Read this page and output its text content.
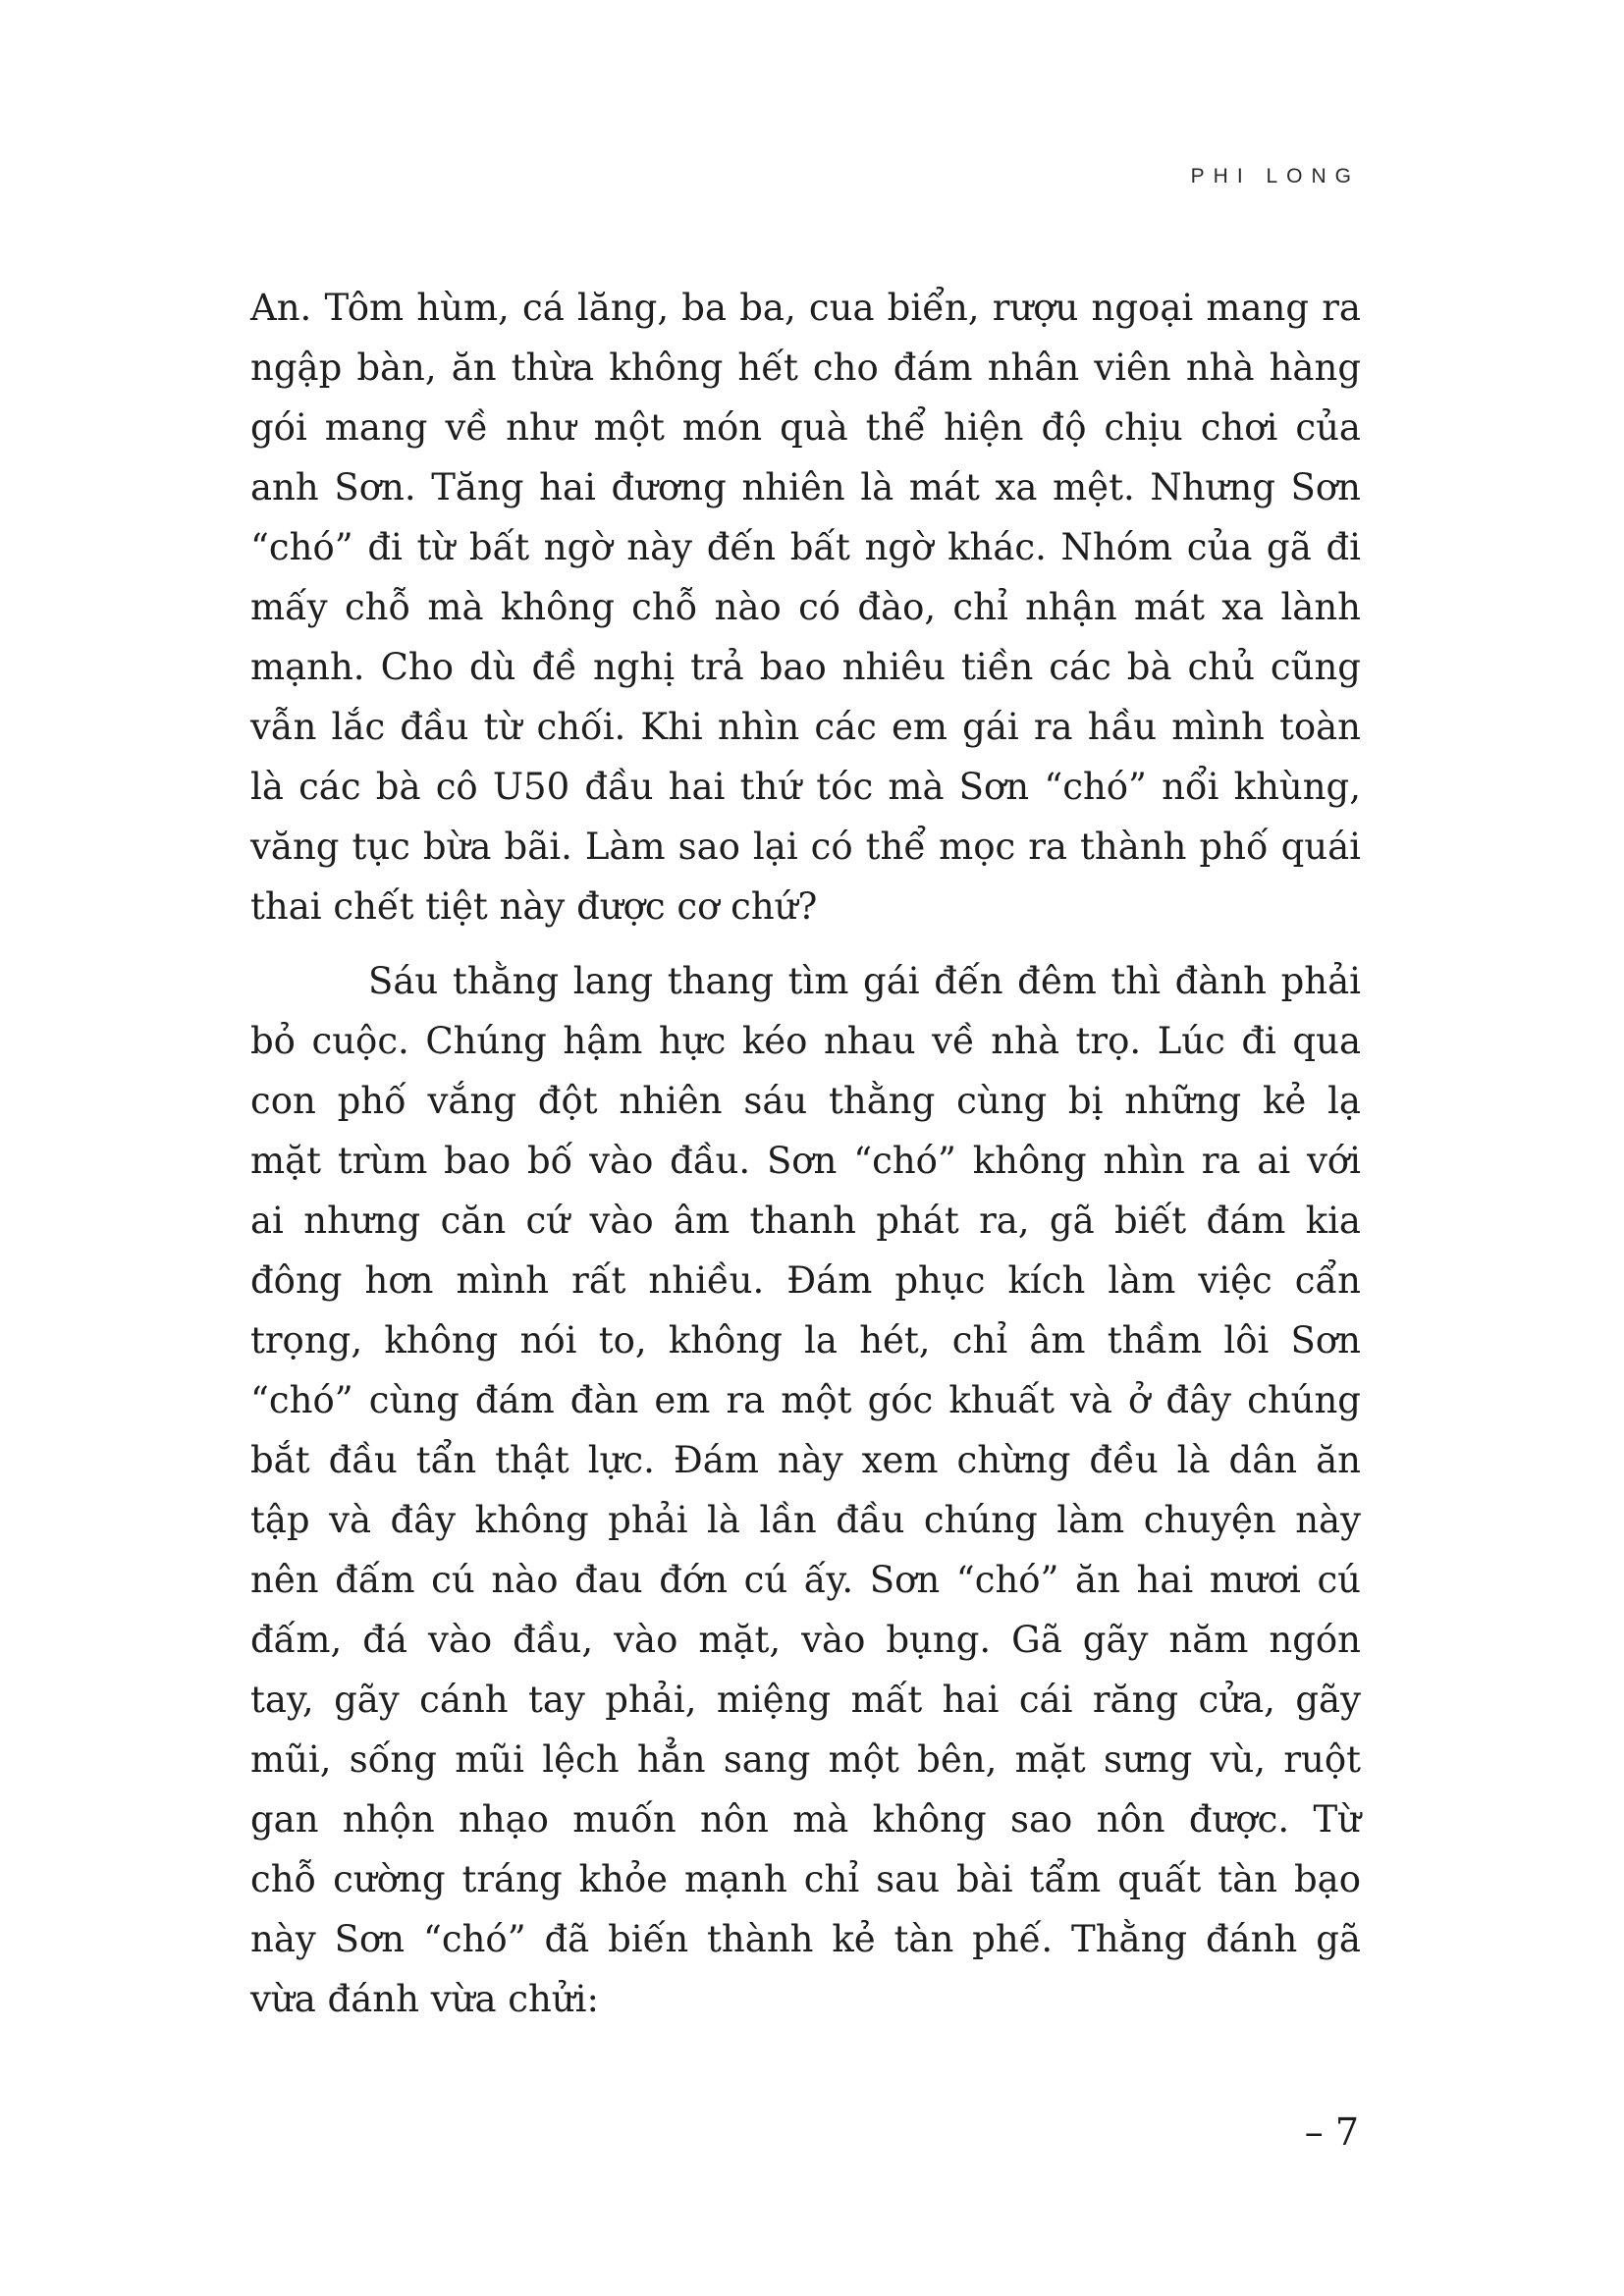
PHI LONG
An. Tôm hùm, cá lăng, ba ba, cua biển, rượu ngoại mang ra
ngập bàn, ăn thừa không hết cho đám nhân viên nhà hàng
gói mang về như một món quà thể hiện độ chịu chơi của
anh Sơn. Tăng hai đương nhiên là mát xa mệt. Nhưng Sơn
“chó” đi từ bất ngờ này đến bất ngờ khác. Nhóm của gã đi
mấy chỗ mà không chỗ nào có đào, chỉ nhận mát xa lành
mạnh. Cho dù đề nghị trả bao nhiêu tiền các bà chủ cũng
vẫn lắc đầu từ chối. Khi nhìn các em gái ra hầu mình toàn
là các bà cô U50 đầu hai thứ tóc mà Sơn “chó” nổi khùng,
văng tục bừa bãi. Làm sao lại có thể mọc ra thành phố quái
thai chết tiệt này được cơ chứ?
Sáu thằng lang thang tìm gái đến đêm thì đành phải
bỏ cuộc. Chúng hậm hực kéo nhau về nhà trọ. Lúc đi qua
con phố vắng đột nhiên sáu thằng cùng bị những kẻ lạ
mặt trùm bao bố vào đầu. Sơn “chó” không nhìn ra ai với
ai nhưng căn cứ vào âm thanh phát ra, gã biết đám kia
đông hơn mình rất nhiều. Đám phục kích làm việc cẩn
trọng, không nói to, không la hét, chỉ âm thầm lôi Sơn
“chó” cùng đám đàn em ra một góc khuất và ở đây chúng
bắt đầu tẩn thật lực. Đám này xem chừng đều là dân ăn
tập và đây không phải là lần đầu chúng làm chuyện này
nên đấm cú nào đau đớn cú ấy. Sơn “chó” ăn hai mươi cú
đấm, đá vào đầu, vào mặt, vào bụng. Gã gãy năm ngón
tay, gãy cánh tay phải, miệng mất hai cái răng cửa, gãy
mũi, sống mũi lệch hẳn sang một bên, mặt sưng vù, ruột
gan nhộn nhạo muốn nôn mà không sao nôn được. Từ
chỗ cường tráng khỏe mạnh chỉ sau bài tẩm quất tàn bạo
này Sơn “chó” đã biến thành kẻ tàn phế. Thằng đánh gã
vừa đánh vừa chửi:
– 7
